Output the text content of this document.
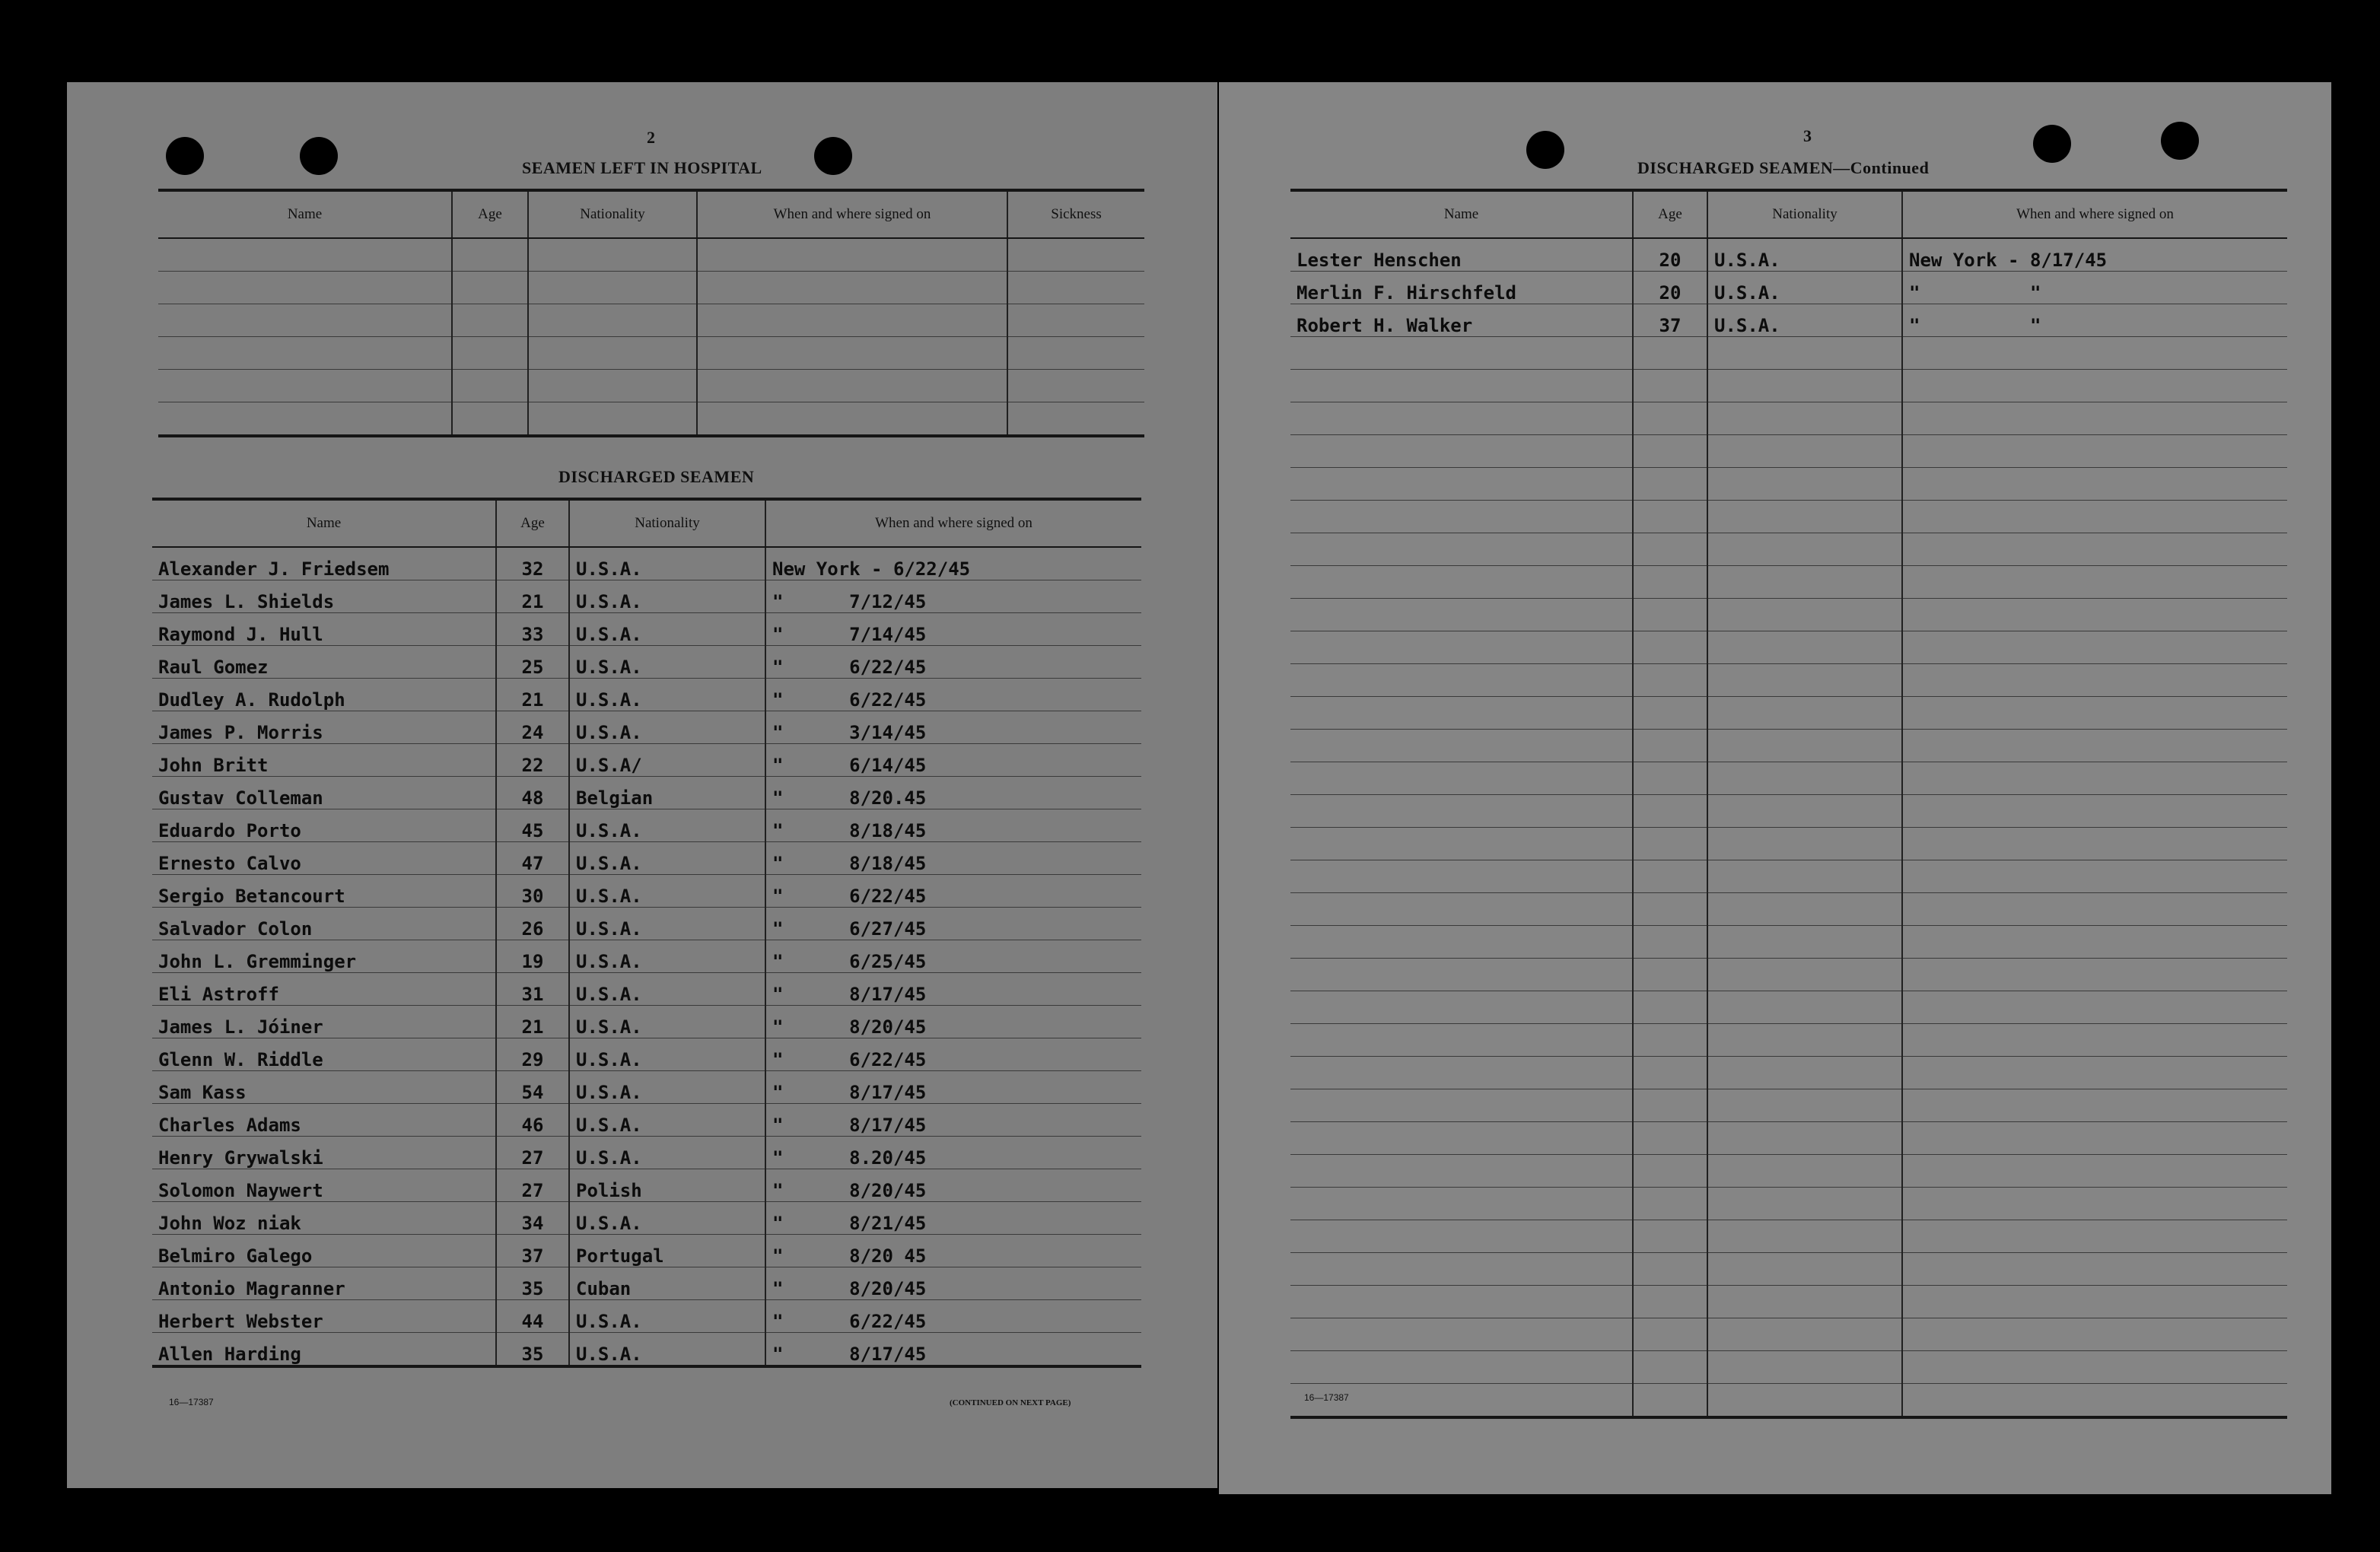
2
SEAMEN LEFT IN HOSPITAL
Name	Age	Nationality	When and where signed on	Sickness

DISCHARGED SEAMEN
Name	Age	Nationality	When and where signed on
Alexander J. Friedsem	32	U.S.A.	New York - 6/22/45
James L. Shields	21	U.S.A.	"      7/12/45
Raymond J. Hull	33	U.S.A.	"      7/14/45
Raul Gomez	25	U.S.A.	"      6/22/45
Dudley A. Rudolph	21	U.S.A.	"      6/22/45
James P. Morris	24	U.S.A.	"      3/14/45
John Britt	22	U.S.A/	"      6/14/45
Gustav Colleman	48	Belgian	"      8/20.45
Eduardo Porto	45	U.S.A.	"      8/18/45
Ernesto Calvo	47	U.S.A.	"      8/18/45
Sergio Betancourt	30	U.S.A.	"      6/22/45
Salvador Colon	26	U.S.A.	"      6/27/45
John L. Gremminger	19	U.S.A.	"      6/25/45
Eli Astroff	31	U.S.A.	"      8/17/45
James L. Jóiner	21	U.S.A.	"      8/20/45
Glenn W. Riddle	29	U.S.A.	"      6/22/45
Sam Kass	54	U.S.A.	"      8/17/45
Charles Adams	46	U.S.A.	"      8/17/45
Henry Grywalski	27	U.S.A.	"      8.20/45
Solomon Naywert	27	Polish	"      8/20/45
John Woz niak	34	U.S.A.	"      8/21/45
Belmiro Galego	37	Portugal	"      8/20 45
Antonio Magranner	35	Cuban	"      8/20/45
Herbert Webster	44	U.S.A.	"      6/22/45
Allen Harding	35	U.S.A.	"      8/17/45
16—17387	(CONTINUED ON NEXT PAGE)
3
DISCHARGED SEAMEN—Continued
Name	Age	Nationality	When and where signed on
Lester Henschen	20	U.S.A.	New York - 8/17/45
Merlin F. Hirschfeld	20	U.S.A.	"          "
Robert H. Walker	37	U.S.A.	"          "

16—17387
